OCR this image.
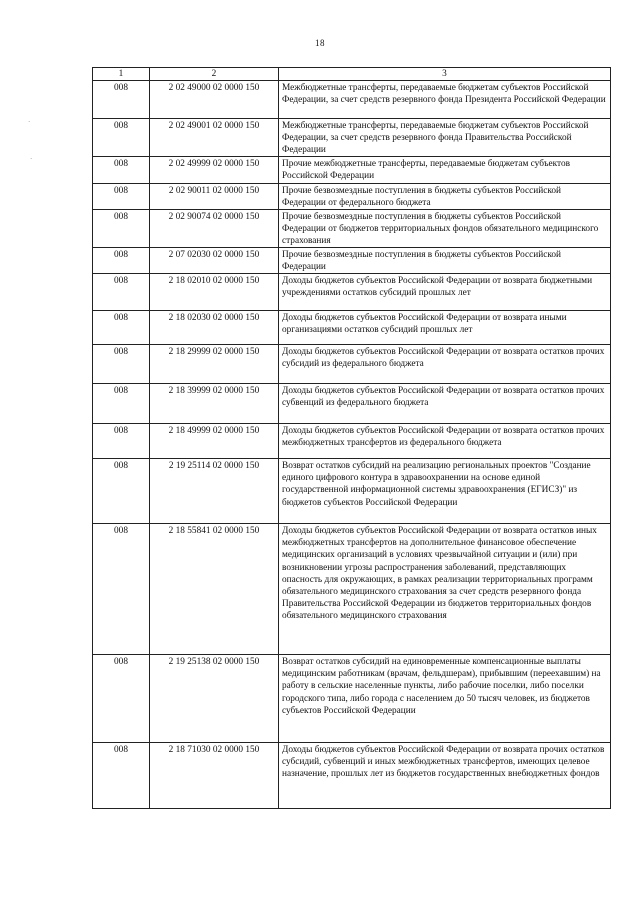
18
1	2	3
008	2 02 49000 02 0000 150	Межбюджетные трансферты, передаваемые бюджетам субъектов Российской Федерации, за счет средств резервного фонда Президента Российской Федерации
008	2 02 49001 02 0000 150	Межбюджетные трансферты, передаваемые бюджетам субъектов Российской Федерации, за счет средств резервного фонда Правительства Российской Федерации
008	2 02 49999 02 0000 150	Прочие межбюджетные трансферты, передаваемые бюджетам субъектов Российской Федерации
008	2 02 90011 02 0000 150	Прочие безвозмездные поступления в бюджеты субъектов Российской Федерации от федерального бюджета
008	2 02 90074 02 0000 150	Прочие безвозмездные поступления в бюджеты субъектов Российской Федерации от бюджетов территориальных фондов обязательного медицинского страхования
008	2 07 02030 02 0000 150	Прочие безвозмездные поступления в бюджеты субъектов Российской Федерации
008	2 18 02010 02 0000 150	Доходы бюджетов субъектов Российской Федерации от возврата бюджетными учреждениями остатков субсидий прошлых лет
008	2 18 02030 02 0000 150	Доходы бюджетов субъектов Российской Федерации от возврата иными организациями остатков субсидий прошлых лет
008	2 18 29999 02 0000 150	Доходы бюджетов субъектов Российской Федерации от возврата остатков прочих субсидий из федерального бюджета
008	2 18 39999 02 0000 150	Доходы бюджетов субъектов Российской Федерации от возврата остатков прочих субвенций из федерального бюджета
008	2 18 49999 02 0000 150	Доходы бюджетов субъектов Российской Федерации от возврата остатков прочих межбюджетных трансфертов из федерального бюджета
008	2 19 25114 02 0000 150	Возврат остатков субсидий на реализацию региональных проектов "Создание единого цифрового контура в здравоохранении на основе единой государственной информационной системы здравоохранения (ЕГИСЗ)" из бюджетов субъектов Российской Федерации
008	2 18 55841 02 0000 150	Доходы бюджетов субъектов Российской Федерации от возврата остатков иных межбюджетных трансфертов на дополнительное финансовое обеспечение медицинских организаций в условиях чрезвычайной ситуации и (или) при возникновении угрозы распространения заболеваний, представляющих опасность для окружающих, в рамках реализации территориальных программ обязательного медицинского страхования за счет средств резервного фонда Правительства Российской Федерации из бюджетов территориальных фондов обязательного медицинского страхования
008	2 19 25138 02 0000 150	Возврат остатков субсидий на единовременные компенсационные выплаты медицинским работникам (врачам, фельдшерам), прибывшим (переехавшим) на работу в сельские населенные пункты, либо рабочие поселки, либо поселки городского типа, либо города с населением до 50 тысяч человек, из бюджетов субъектов Российской Федерации
008	2 18 71030 02 0000 150	Доходы бюджетов субъектов Российской Федерации от возврата прочих остатков субсидий, субвенций и иных межбюджетных трансфертов, имеющих целевое назначение, прошлых лет из бюджетов государственных внебюджетных фондов
·
·
